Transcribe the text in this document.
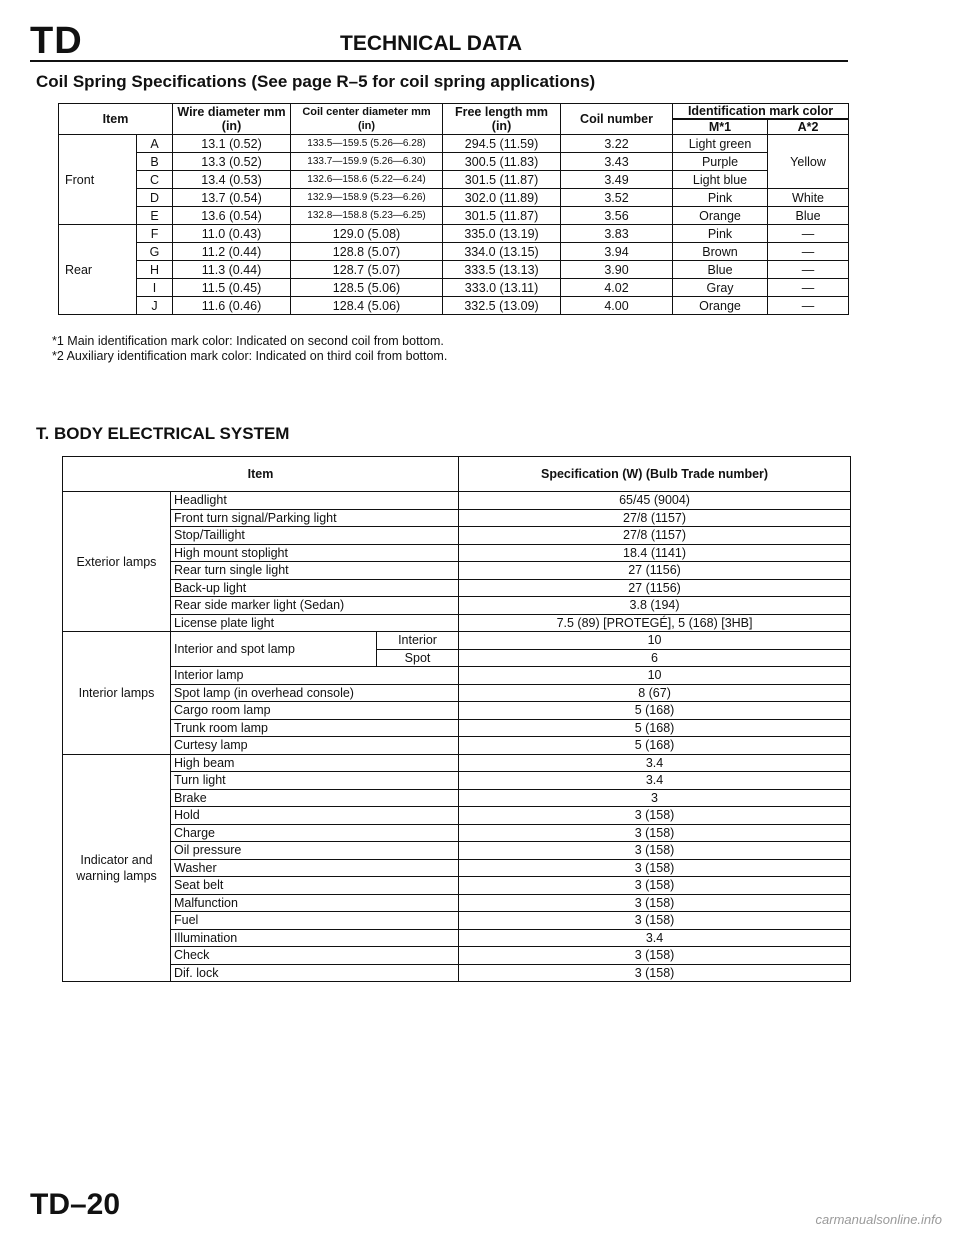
TD	TECHNICAL DATA
Coil Spring Specifications (See page R–5 for coil spring applications)
Item		Wire diameter mm (in)	Coil center diameter mm (in)	Free length mm (in)	Coil number	Identification mark color	
						M*1	A*2
Front	A	13.1 (0.52)	133.5—159.5 (5.26—6.28)	294.5 (11.59)	3.22	Light green	Yellow
	B	13.3 (0.52)	133.7—159.9 (5.26—6.30)	300.5 (11.83)	3.43	Purple	
	C	13.4 (0.53)	132.6—158.6 (5.22—6.24)	301.5 (11.87)	3.49	Light blue	
	D	13.7 (0.54)	132.9—158.9 (5.23—6.26)	302.0 (11.89)	3.52	Pink	White
	E	13.6 (0.54)	132.8—158.8 (5.23—6.25)	301.5 (11.87)	3.56	Orange	Blue
Rear	F	11.0 (0.43)	129.0 (5.08)	335.0 (13.19)	3.83	Pink	—
	G	11.2 (0.44)	128.8 (5.07)	334.0 (13.15)	3.94	Brown	—
	H	11.3 (0.44)	128.7 (5.07)	333.5 (13.13)	3.90	Blue	—
	I	11.5 (0.45)	128.5 (5.06)	333.0 (13.11)	4.02	Gray	—
	J	11.6 (0.46)	128.4 (5.06)	332.5 (13.09)	4.00	Orange	—
*1 Main identification mark color: Indicated on second coil from bottom.
*2 Auxiliary identification mark color: Indicated on third coil from bottom.
T. BODY ELECTRICAL SYSTEM
Item			Specification (W) (Bulb Trade number)
Exterior lamps	Headlight		65/45 (9004)
	Front turn signal/Parking light		27/8 (1157)
	Stop/Taillight		27/8 (1157)
	High mount stoplight		18.4 (1141)
	Rear turn single light		27 (1156)
	Back-up light		27 (1156)
	Rear side marker light (Sedan)		3.8 (194)
	License plate light		7.5 (89) [PROTEGÉ], 5 (168) [3HB]
Interior lamps	Interior and spot lamp	Interior	10
		Spot	6
	Interior lamp		10
	Spot lamp (in overhead console)		8 (67)
	Cargo room lamp		5 (168)
	Trunk room lamp		5 (168)
	Curtesy lamp		5 (168)
Indicator and warning lamps	High beam		3.4
	Turn light		3.4
	Brake		3
	Hold		3 (158)
	Charge		3 (158)
	Oil pressure		3 (158)
	Washer		3 (158)
	Seat belt		3 (158)
	Malfunction		3 (158)
	Fuel		3 (158)
	Illumination		3.4
	Check		3 (158)
	Dif. lock		3 (158)
TD–20	carmanualsonline.info
